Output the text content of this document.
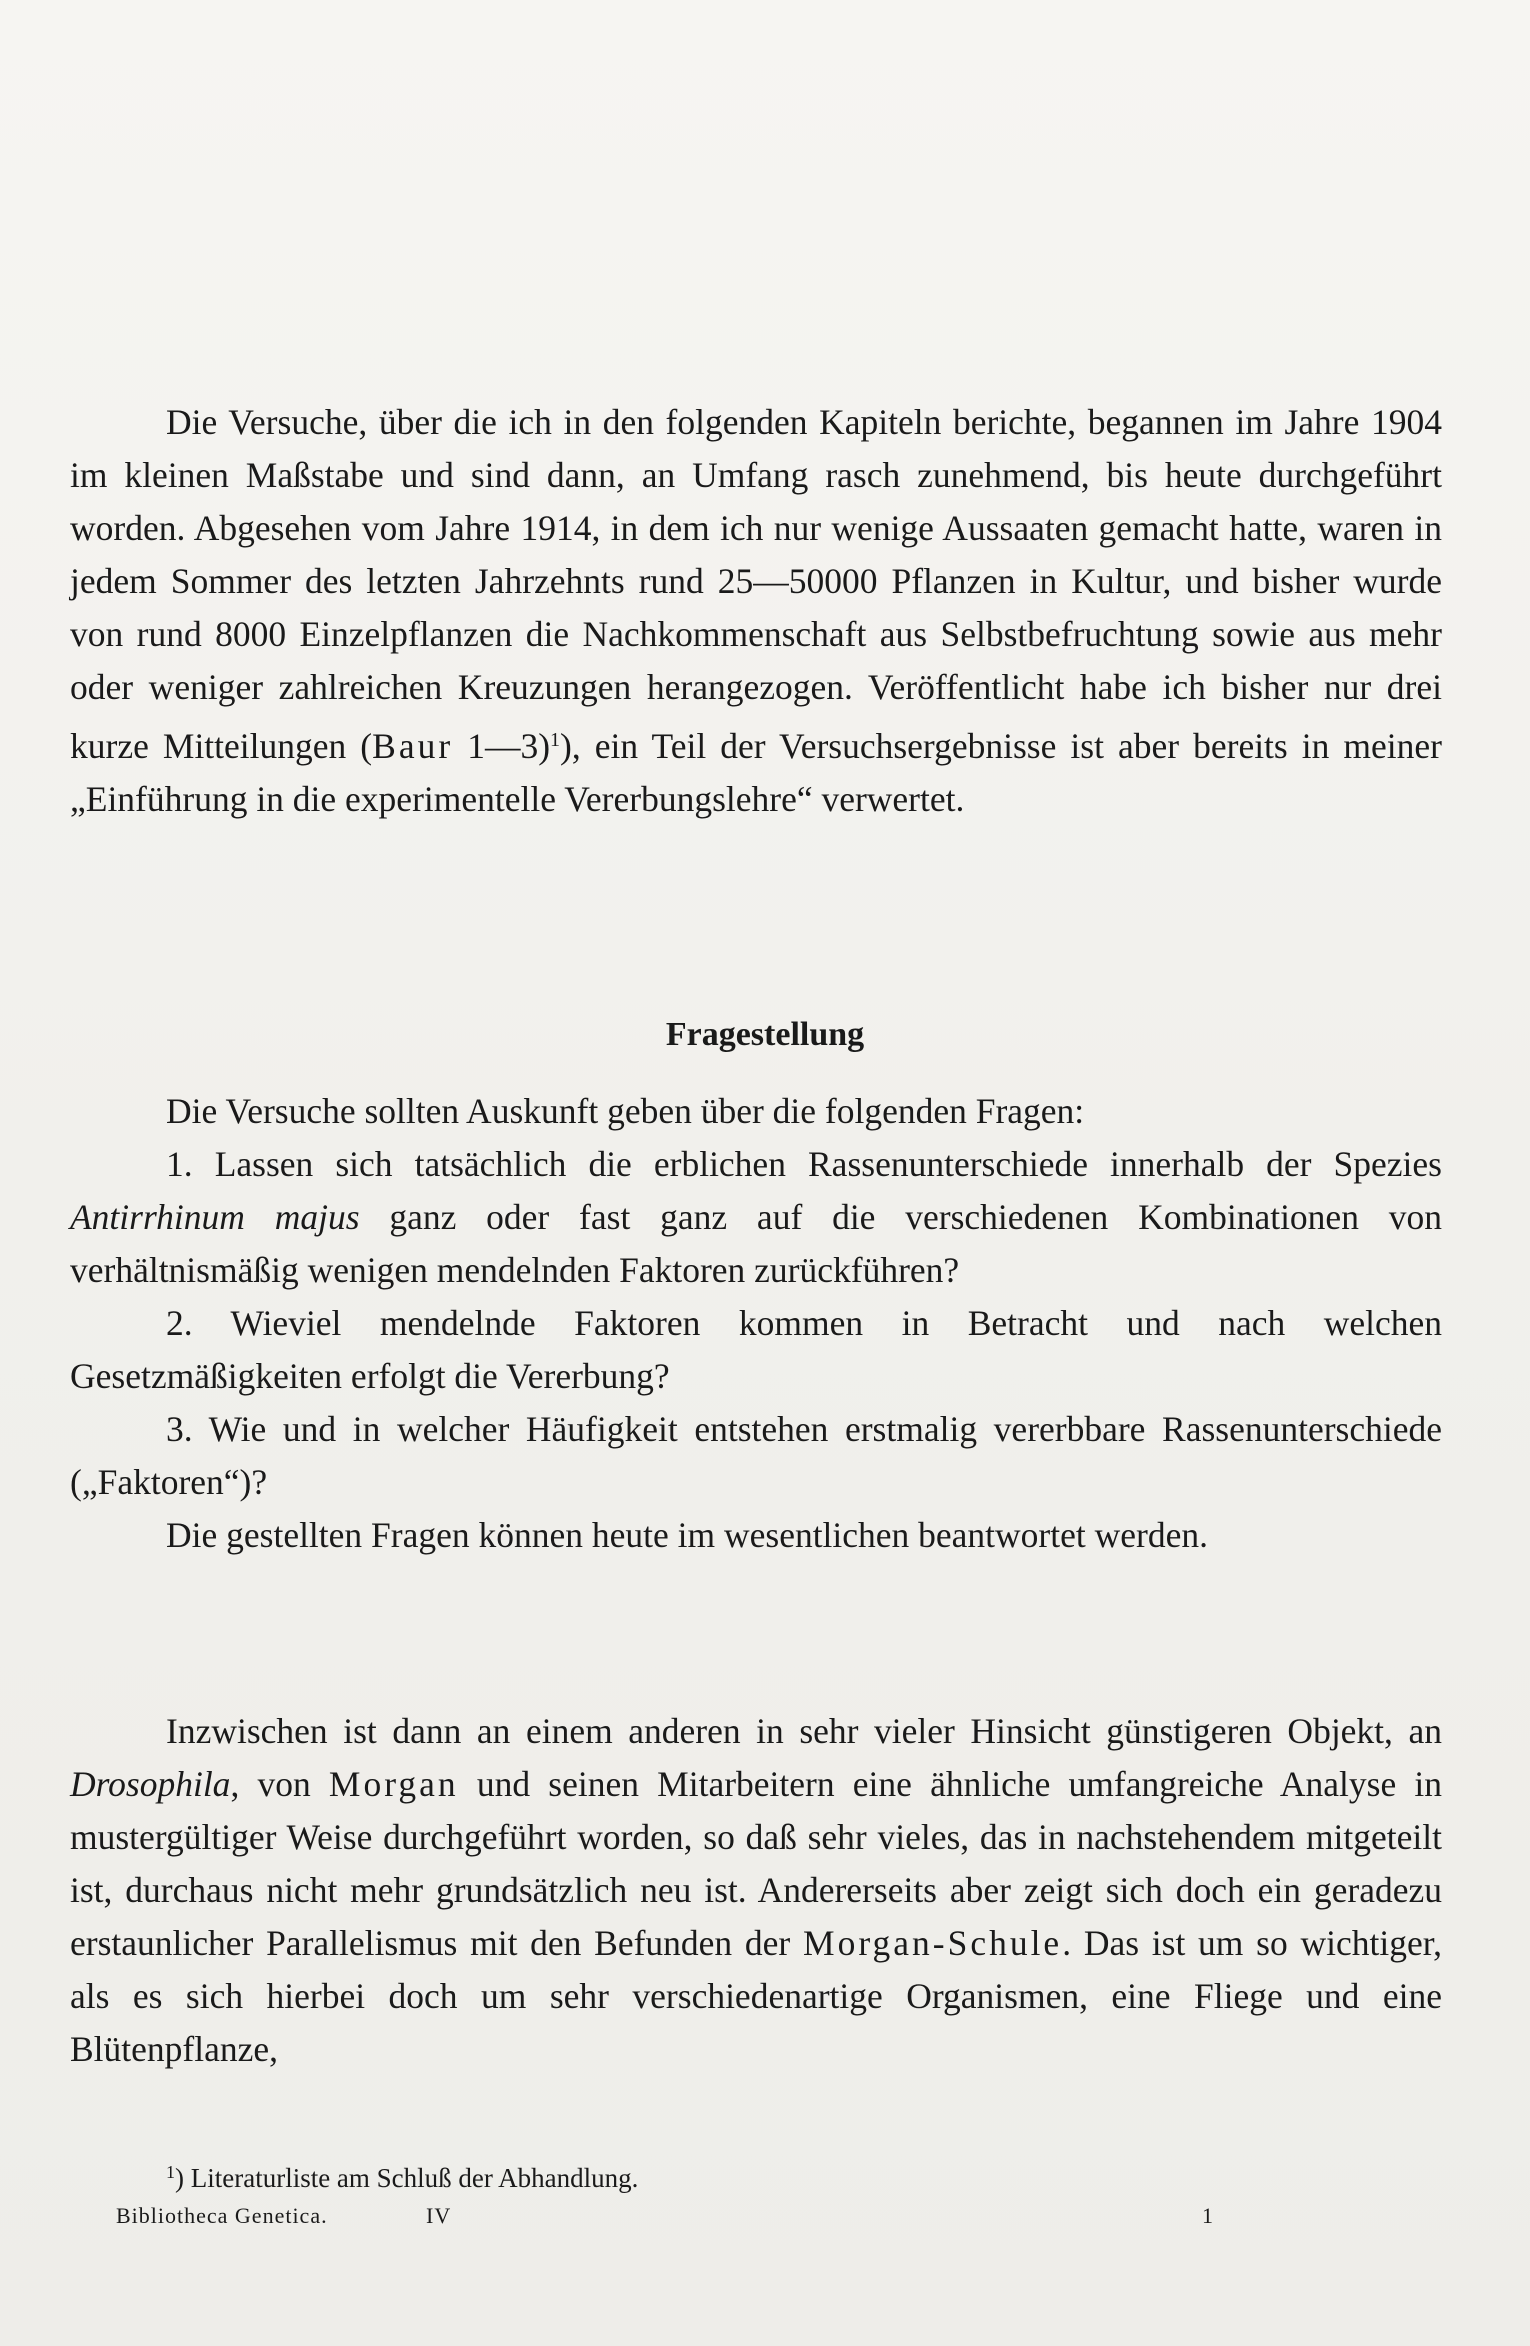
Die Versuche, über die ich in den folgenden Kapiteln berichte, begannen im Jahre 1904 im kleinen Maßstabe und sind dann, an Umfang rasch zunehmend, bis heute durchgeführt worden. Abgesehen vom Jahre 1914, in dem ich nur wenige Aussaaten gemacht hatte, waren in jedem Sommer des letzten Jahrzehnts rund 25—50000 Pflanzen in Kultur, und bisher wurde von rund 8000 Einzelpflanzen die Nachkommenschaft aus Selbstbefruchtung sowie aus mehr oder weniger zahlreichen Kreuzungen herangezogen. Veröffentlicht habe ich bisher nur drei kurze Mitteilungen (Baur 1—3)$^1$), ein Teil der Versuchsergebnisse ist aber bereits in meiner „Einführung in die experimentelle Vererbungslehre“ verwertet.

Fragestellung

Die Versuche sollten Auskunft geben über die folgenden Fragen:

1. Lassen sich tatsächlich die erblichen Rassenunterschiede innerhalb der Spezies Antirrhinum majus ganz oder fast ganz auf die verschiedenen Kombinationen von verhältnismäßig wenigen mendelnden Faktoren zurückführen?

2. Wieviel mendelnde Faktoren kommen in Betracht und nach welchen Gesetzmäßigkeiten erfolgt die Vererbung?

3. Wie und in welcher Häufigkeit entstehen erstmalig vererbbare Rassenunterschiede („Faktoren“)?

Die gestellten Fragen können heute im wesentlichen beantwortet werden.

Inzwischen ist dann an einem anderen in sehr vieler Hinsicht günstigeren Objekt, an Drosophila, von Morgan und seinen Mitarbeitern eine ähnliche umfangreiche Analyse in mustergültiger Weise durchgeführt worden, so daß sehr vieles, das in nachstehendem mitgeteilt ist, durchaus nicht mehr grundsätzlich neu ist. Andererseits aber zeigt sich doch ein geradezu erstaunlicher Parallelismus mit den Befunden der Morgan-Schule. Das ist um so wichtiger, als es sich hierbei doch um sehr verschiedenartige Organismen, eine Fliege und eine Blütenpflanze,

$^1$) Literaturliste am Schluß der Abhandlung.
Bibliotheca Genetica.	IV	1
